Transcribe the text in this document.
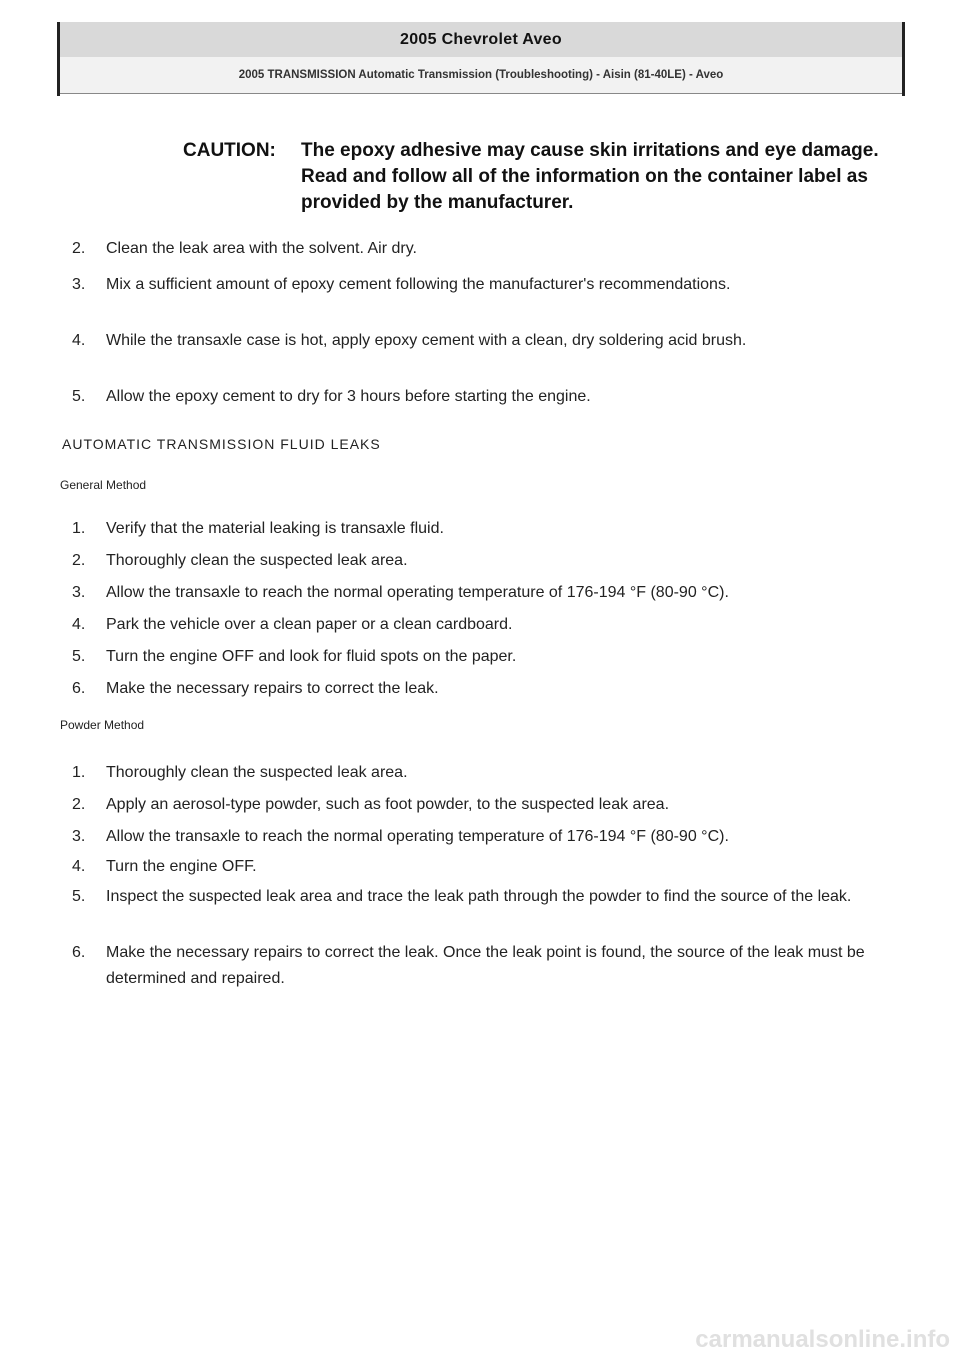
2005 Chevrolet Aveo
2005 TRANSMISSION Automatic Transmission (Troubleshooting) - Aisin (81-40LE) - Aveo
CAUTION:	The epoxy adhesive may cause skin irritations and eye damage. Read and follow all of the information on the container label as provided by the manufacturer.
2.	Clean the leak area with the solvent. Air dry.
3.	Mix a sufficient amount of epoxy cement following the manufacturer's recommendations.
4.	While the transaxle case is hot, apply epoxy cement with a clean, dry soldering acid brush.
5.	Allow the epoxy cement to dry for 3 hours before starting the engine.
AUTOMATIC TRANSMISSION FLUID LEAKS
General Method
1.	Verify that the material leaking is transaxle fluid.
2.	Thoroughly clean the suspected leak area.
3.	Allow the transaxle to reach the normal operating temperature of 176-194 °F (80-90 °C).
4.	Park the vehicle over a clean paper or a clean cardboard.
5.	Turn the engine OFF and look for fluid spots on the paper.
6.	Make the necessary repairs to correct the leak.
Powder Method
1.	Thoroughly clean the suspected leak area.
2.	Apply an aerosol-type powder, such as foot powder, to the suspected leak area.
3.	Allow the transaxle to reach the normal operating temperature of 176-194 °F (80-90 °C).
4.	Turn the engine OFF.
5.	Inspect the suspected leak area and trace the leak path through the powder to find the source of the leak.
6.	Make the necessary repairs to correct the leak. Once the leak point is found, the source of the leak must be determined and repaired.
carmanualsonline.info
